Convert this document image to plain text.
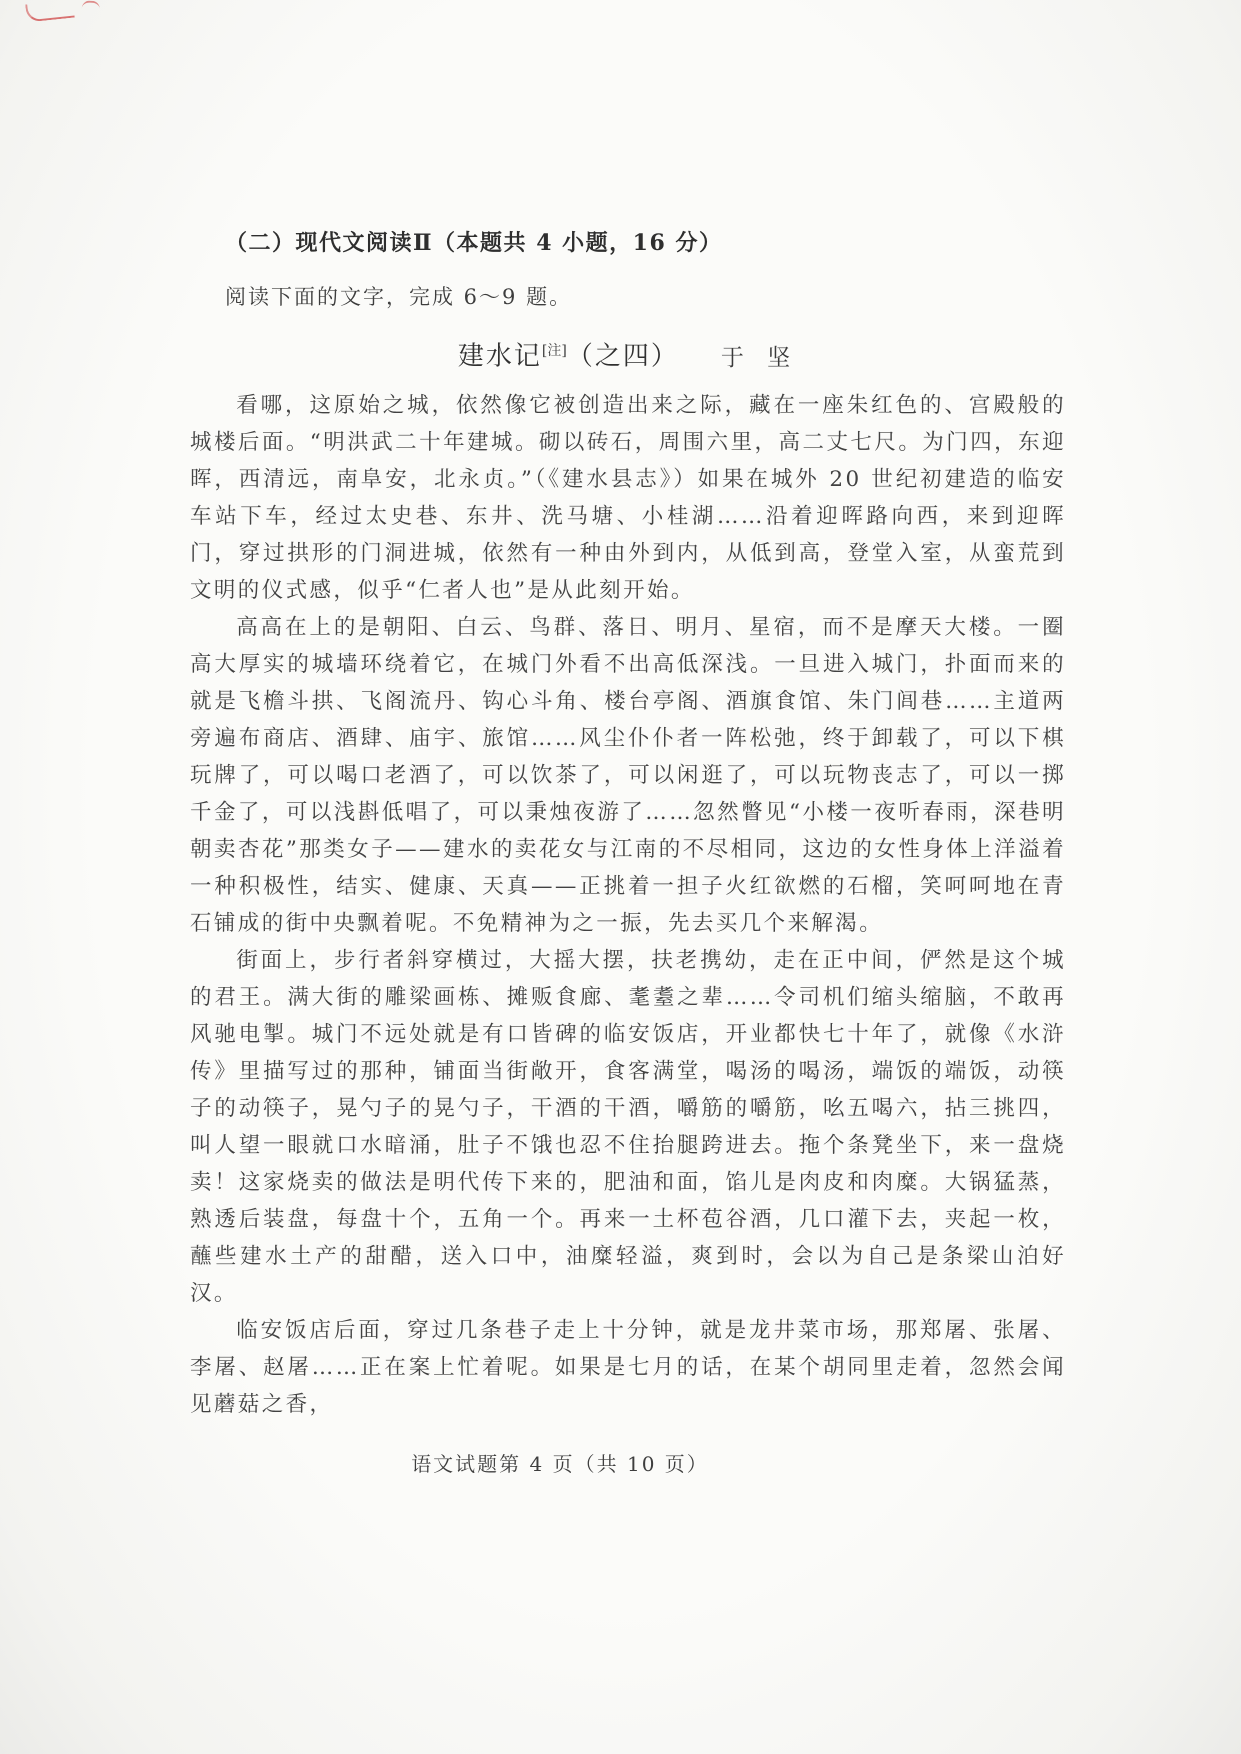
（二）现代文阅读Ⅱ（本题共 4 小题，16 分）
阅读下面的文字，完成 6～9 题。
建水记[注]（之四） 于 坚

看哪，这原始之城，依然像它被创造出来之际，藏在一座朱红色的、宫殿般的城楼后面。“明洪武二十年建城。砌以砖石，周围六里，高二丈七尺。为门四，东迎晖，西清远，南阜安，北永贞。”（《建水县志》）如果在城外 20 世纪初建造的临安车站下车，经过太史巷、东井、洗马塘、小桂湖……沿着迎晖路向西，来到迎晖门，穿过拱形的门洞进城，依然有一种由外到内，从低到高，登堂入室，从蛮荒到文明的仪式感，似乎“仁者人也”是从此刻开始。

高高在上的是朝阳、白云、鸟群、落日、明月、星宿，而不是摩天大楼。一圈高大厚实的城墙环绕着它，在城门外看不出高低深浅。一旦进入城门，扑面而来的就是飞檐斗拱、飞阁流丹、钩心斗角、楼台亭阁、酒旗食馆、朱门闾巷……主道两旁遍布商店、酒肆、庙宇、旅馆……风尘仆仆者一阵松弛，终于卸载了，可以下棋玩牌了，可以喝口老酒了，可以饮茶了，可以闲逛了，可以玩物丧志了，可以一掷千金了，可以浅斟低唱了，可以秉烛夜游了……忽然瞥见“小楼一夜听春雨，深巷明朝卖杏花”那类女子——建水的卖花女与江南的不尽相同，这边的女性身体上洋溢着一种积极性，结实、健康、天真——正挑着一担子火红欲燃的石榴，笑呵呵地在青石铺成的街中央飘着呢。不免精神为之一振，先去买几个来解渴。

街面上，步行者斜穿横过，大摇大摆，扶老携幼，走在正中间，俨然是这个城的君王。满大街的雕梁画栋、摊贩食廊、耄耋之辈……令司机们缩头缩脑，不敢再风驰电掣。城门不远处就是有口皆碑的临安饭店，开业都快七十年了，就像《水浒传》里描写过的那种，铺面当街敞开，食客满堂，喝汤的喝汤，端饭的端饭，动筷子的动筷子，晃勺子的晃勺子，干酒的干酒，嚼筋的嚼筋，吆五喝六，拈三挑四，叫人望一眼就口水暗涌，肚子不饿也忍不住抬腿跨进去。拖个条凳坐下，来一盘烧卖！这家烧卖的做法是明代传下来的，肥油和面，馅儿是肉皮和肉糜。大锅猛蒸，熟透后装盘，每盘十个，五角一个。再来一土杯苞谷酒，几口灌下去，夹起一枚，蘸些建水土产的甜醋，送入口中，油糜轻溢，爽到时，会以为自己是条梁山泊好汉。

临安饭店后面，穿过几条巷子走上十分钟，就是龙井菜市场，那郑屠、张屠、李屠、赵屠……正在案上忙着呢。如果是七月的话，在某个胡同里走着，忽然会闻见蘑菇之香，

语文试题第 4 页（共 10 页）
